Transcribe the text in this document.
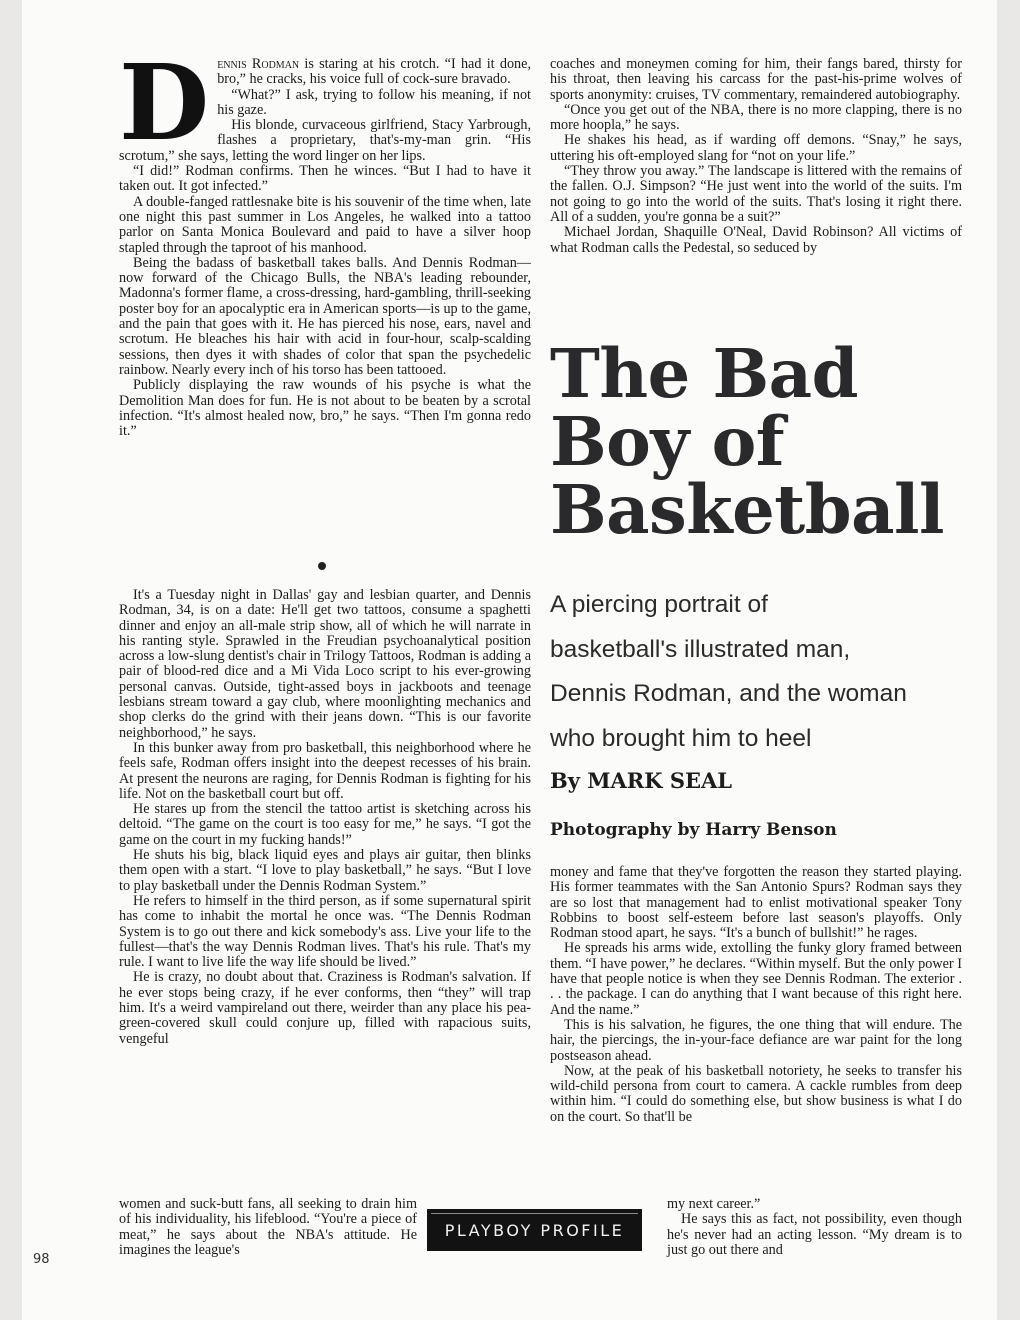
Dennis Rodman is staring at his crotch. “I had it done, bro,” he cracks, his voice full of cock-sure bravado.

“What?” I ask, trying to follow his meaning, if not his gaze.

His blonde, curvaceous girlfriend, Stacy Yarbrough, flashes a proprietary, that's-my-man grin. “His scrotum,” she says, letting the word linger on her lips.

“I did!” Rodman confirms. Then he winces. “But I had to have it taken out. It got infected.”

A double-fanged rattlesnake bite is his souvenir of the time when, late one night this past summer in Los Angeles, he walked into a tattoo parlor on Santa Monica Boulevard and paid to have a silver hoop stapled through the taproot of his manhood.

Being the badass of basketball takes balls. And Dennis Rodman—now forward of the Chicago Bulls, the NBA's leading rebounder, Madonna's former flame, a cross-dressing, hard-gambling, thrill-seeking poster boy for an apocalyptic era in American sports—is up to the game, and the pain that goes with it. He has pierced his nose, ears, navel and scrotum. He bleaches his hair with acid in four-hour, scalp-scalding sessions, then dyes it with shades of color that span the psychedelic rainbow. Nearly every inch of his torso has been tattooed.

Publicly displaying the raw wounds of his psyche is what the Demolition Man does for fun. He is not about to be beaten by a scrotal infection. “It's almost healed now, bro,” he says. “Then I'm gonna redo it.”

It's a Tuesday night in Dallas' gay and lesbian quarter, and Dennis Rodman, 34, is on a date: He'll get two tattoos, consume a spaghetti dinner and enjoy an all-male strip show, all of which he will narrate in his ranting style. Sprawled in the Freudian psychoanalytical position across a low-slung dentist's chair in Trilogy Tattoos, Rodman is adding a pair of blood-red dice and a Mi Vida Loco script to his ever-growing personal canvas. Outside, tight-assed boys in jackboots and teenage lesbians stream toward a gay club, where moonlighting mechanics and shop clerks do the grind with their jeans down. “This is our favorite neighborhood,” he says.

In this bunker away from pro basketball, this neighborhood where he feels safe, Rodman offers insight into the deepest recesses of his brain. At present the neurons are raging, for Dennis Rodman is fighting for his life. Not on the basketball court but off.

He stares up from the stencil the tattoo artist is sketching across his deltoid. “The game on the court is too easy for me,” he says. “I got the game on the court in my fucking hands!”

He shuts his big, black liquid eyes and plays air guitar, then blinks them open with a start. “I love to play basketball,” he says. “But I love to play basketball under the Dennis Rodman System.”

He refers to himself in the third person, as if some supernatural spirit has come to inhabit the mortal he once was. “The Dennis Rodman System is to go out there and kick somebody's ass. Live your life to the fullest—that's the way Dennis Rodman lives. That's his rule. That's my rule. I want to live life the way life should be lived.”

He is crazy, no doubt about that. Craziness is Rodman's salvation. If he ever stops being crazy, if he ever conforms, then “they” will trap him. It's a weird vampireland out there, weirder than any place his pea-green-covered skull could conjure up, filled with rapacious suits, vengeful

women and suck-butt fans, all seeking to drain him of his individuality, his lifeblood. “You're a piece of meat,” he says about the NBA's attitude. He imagines the league's

coaches and moneymen coming for him, their fangs bared, thirsty for his throat, then leaving his carcass for the past-his-prime wolves of sports anonymity: cruises, TV commentary, remaindered autobiography.

“Once you get out of the NBA, there is no more clapping, there is no more hoopla,” he says.

He shakes his head, as if warding off demons. “Snay,” he says, uttering his oft-employed slang for “not on your life.”

“They throw you away.” The landscape is littered with the remains of the fallen. O.J. Simpson? “He just went into the world of the suits. I'm not going to go into the world of the suits. That's losing it right there. All of a sudden, you're gonna be a suit?”

Michael Jordan, Shaquille O'Neal, David Robinson? All victims of what Rodman calls the Pedestal, so seduced by

The Bad
Boy of
Basketball
A piercing portrait of
basketball's illustrated man,
Dennis Rodman, and the woman
who brought him to heel
By MARK SEAL
Photography by Harry Benson

money and fame that they've forgotten the reason they started playing. His former teammates with the San Antonio Spurs? Rodman says they are so lost that management had to enlist motivational speaker Tony Robbins to boost self-esteem before last season's playoffs. Only Rodman stood apart, he says. “It's a bunch of bullshit!” he rages.

He spreads his arms wide, extolling the funky glory framed between them. “I have power,” he declares. “Within myself. But the only power I have that people notice is when they see Dennis Rodman. The exterior . . . the package. I can do anything that I want because of this right here. And the name.”

This is his salvation, he figures, the one thing that will endure. The hair, the piercings, the in-your-face defiance are war paint for the long postseason ahead.

Now, at the peak of his basketball notoriety, he seeks to transfer his wild-child persona from court to camera. A cackle rumbles from deep within him. “I could do something else, but show business is what I do on the court. So that'll be

my next career.”

He says this as fact, not possibility, even though he's never had an acting lesson. “My dream is to just go out there and

PLAYBOY PROFILE
98
